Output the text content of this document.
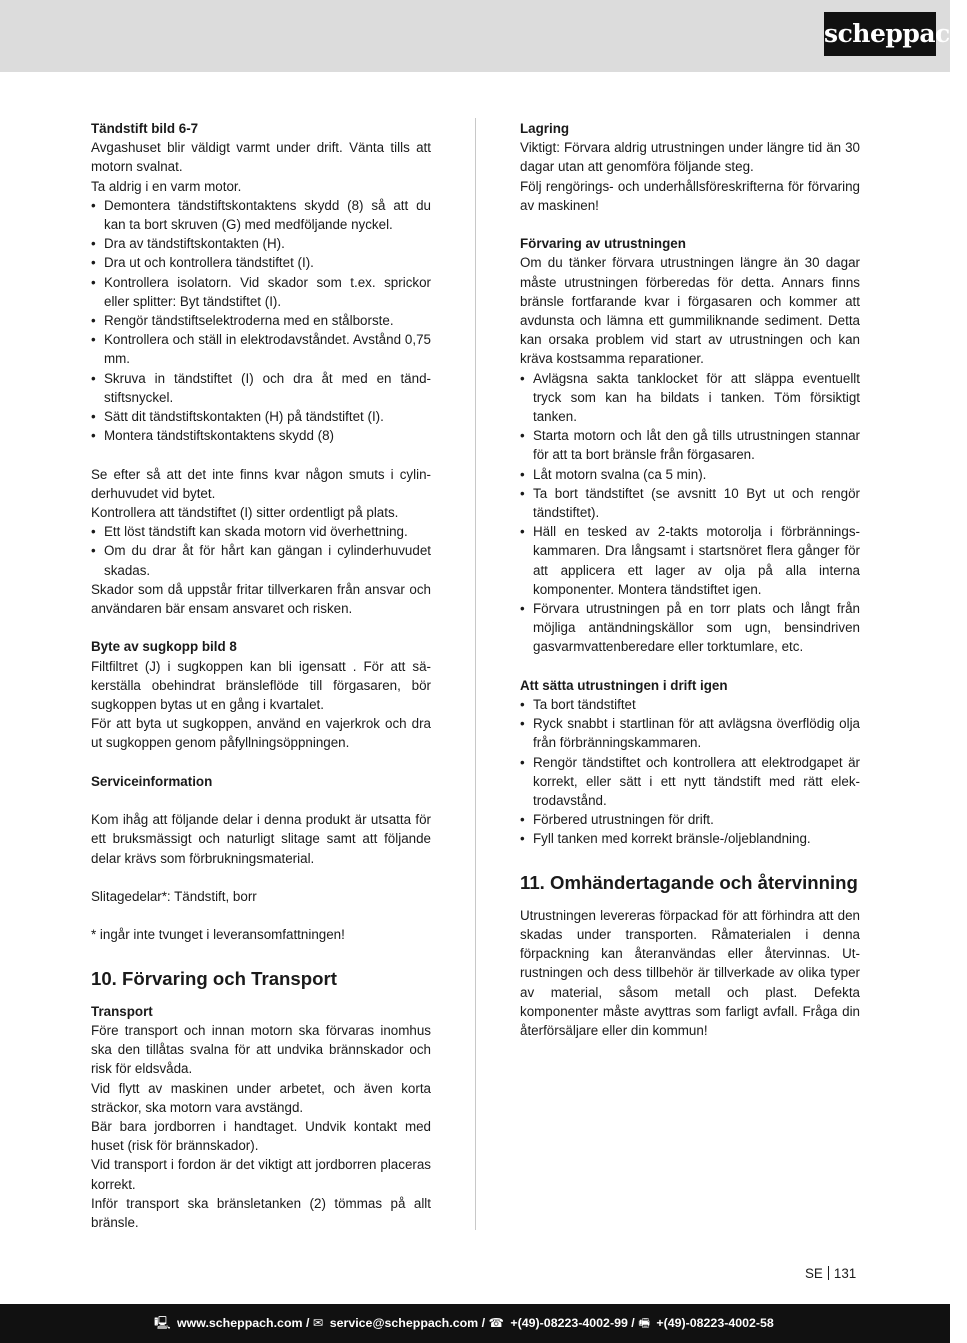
scheppach

Tändstift bild 6-7

Avgashuset blir väldigt varmt under drift. Vänta tills att motorn svalnat.

Ta aldrig i en varm motor.

• Demontera tändstiftskontaktens skydd (8) så att du kan ta bort skruven (G) med medföljande nyckel.
• Dra av tändstiftskontakten (H).
• Dra ut och kontrollera tändstiftet (I).
• Kontrollera isolatorn. Vid skador som t.ex. sprickor eller splitter: Byt tändstiftet (I).
• Rengör tändstiftselektroderna med en stålborste.
• Kontrollera och ställ in elektrodavståndet. Avstånd 0,75 mm.
• Skruva in tändstiftet (I) och dra åt med en tändstiftsnyckel.
• Sätt dit tändstiftskontakten (H) på tändstiftet (I).
• Montera tändstiftskontaktens skydd (8)

Se efter så att det inte finns kvar någon smuts i cylinderhuvudet vid bytet.

Kontrollera att tändstiftet (I) sitter ordentligt på plats.

• Ett löst tändstift kan skada motorn vid överhettning.
• Om du drar åt för hårt kan gängan i cylinderhuvudet skadas.

Skador som då uppstår fritar tillverkaren från ansvar och användaren bär ensam ansvaret och risken.

Byte av sugkopp bild 8

Filtfiltret (J) i sugkoppen kan bli igensatt . För att säkerställa obehindrat bränsleflöde till förgasaren, bör sugkoppen bytas ut en gång i kvartalet.

För att byta ut sugkoppen, använd en vajerkrok och dra ut sugkoppen genom påfyllningsöppningen.

Serviceinformation

Kom ihåg att följande delar i denna produkt är utsatta för ett bruksmässigt och naturligt slitage samt att följande delar krävs som förbrukningsmaterial.

Slitagedelar*: Tändstift, borr

* ingår inte tvunget i leveransomfattningen!

10. Förvaring och Transport

Transport

Före transport och innan motorn ska förvaras inomhus ska den tillåtas svalna för att undvika brännskador och risk för eldsvåda.

Vid flytt av maskinen under arbetet, och även korta sträckor, ska motorn vara avstängd.

Bär bara jordborren i handtaget. Undvik kontakt med huset (risk för brännskador).

Vid transport i fordon är det viktigt att jordborren placeras korrekt.

Inför transport ska bränsletanken (2) tömmas på allt bränsle.

Lagring

Viktigt: Förvara aldrig utrustningen under längre tid än 30 dagar utan att genomföra följande steg.

Följ rengörings- och underhållsföreskrifterna för förvaring av maskinen!

Förvaring av utrustningen

Om du tänker förvara utrustningen längre än 30 dagar måste utrustningen förberedas för detta. Annars finns bränsle fortfarande kvar i förgasaren och kommer att avdunsta och lämna ett gummiliknande sediment. Detta kan orsaka problem vid start av utrustningen och kan kräva kostsamma reparationer.

• Avlägsna sakta tanklocket för att släppa eventuellt tryck som kan ha bildats i tanken. Töm försiktigt tanken.
• Starta motorn och låt den gå tills utrustningen stannar för att ta bort bränsle från förgasaren.
• Låt motorn svalna (ca 5 min).
• Ta bort tändstiftet (se avsnitt 10 Byt ut och rengör tändstiftet).
• Häll en tesked av 2-takts motorolja i förbränningskammaren. Dra långsamt i startsnöret flera gånger för att applicera ett lager av olja på alla interna komponenter. Montera tändstiftet igen.
• Förvara utrustningen på en torr plats och långt från möjliga antändningskällor som ugn, bensindriven gasvarmvattenberedare eller torktumlare, etc.

Att sätta utrustningen i drift igen

• Ta bort tändstiftet
• Ryck snabbt i startlinan för att avlägsna överflödig olja från förbränningskammaren.
• Rengör tändstiftet och kontrollera att elektrodgapet är korrekt, eller sätt i ett nytt tändstift med rätt elektrodavstånd.
• Förbered utrustningen för drift.
• Fyll tanken med korrekt bränsle-/oljeblandning.
11. Omhändertagande och återvinning

Utrustningen levereras förpackad för att förhindra att den skadas under transporten. Råmaterialen i denna förpackning kan återanvändas eller återvinnas. Utrustningen och dess tillbehör är tillverkade av olika typer av material, såsom metall och plast. Defekta komponenter måste avyttras som farligt avfall. Fråga din återförsäljare eller din kommun!

SE 131
🖳 www.scheppach.com / ✉ service@scheppach.com / ☎ +(49)-08223-4002-99 / 🖷 +(49)-08223-4002-58
